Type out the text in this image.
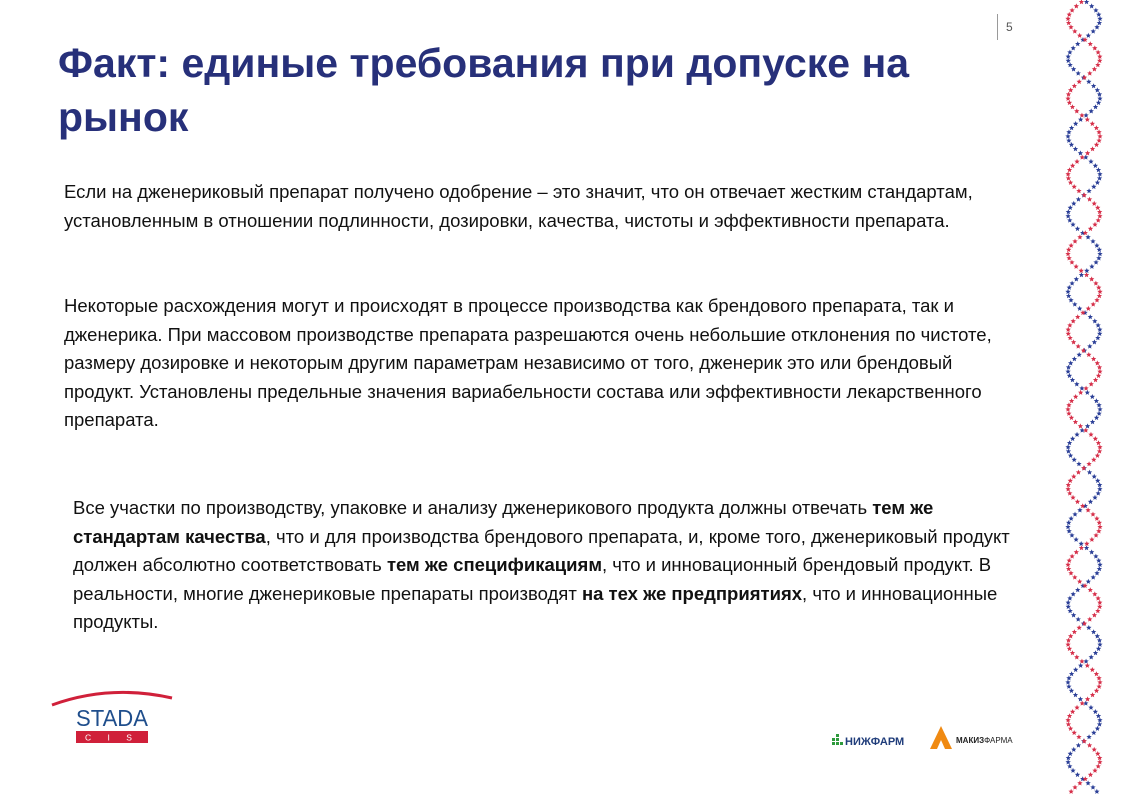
5
Факт: единые требования при допуске на рынок

Если на дженериковый препарат получено одобрение – это значит, что он отвечает жестким стандартам, установленным в отношении подлинности, дозировки, качества, чистоты и эффективности препарата.

Некоторые расхождения могут и происходят в процессе производства как брендового препарата, так и дженерика. При массовом производстве препарата разрешаются очень небольшие отклонения по чистоте, размеру дозировке и некоторым другим параметрам независимо от того, дженерик это или брендовый продукт. Установлены предельные значения вариабельности состава или эффективности лекарственного препарата.

Все участки по производству, упаковке и анализу дженерикового продукта должны отвечать тем же стандартам качества, что и для производства брендового препарата, и, кроме того, дженериковый продукт должен абсолютно соответствовать тем же спецификациям, что и инновационный брендовый продукт. В реальности, многие дженериковые препараты производят на тех же предприятиях, что и инновационные продукты.

STADA
C I S	НИЖФАРМ	МАКИЗФАРМА
